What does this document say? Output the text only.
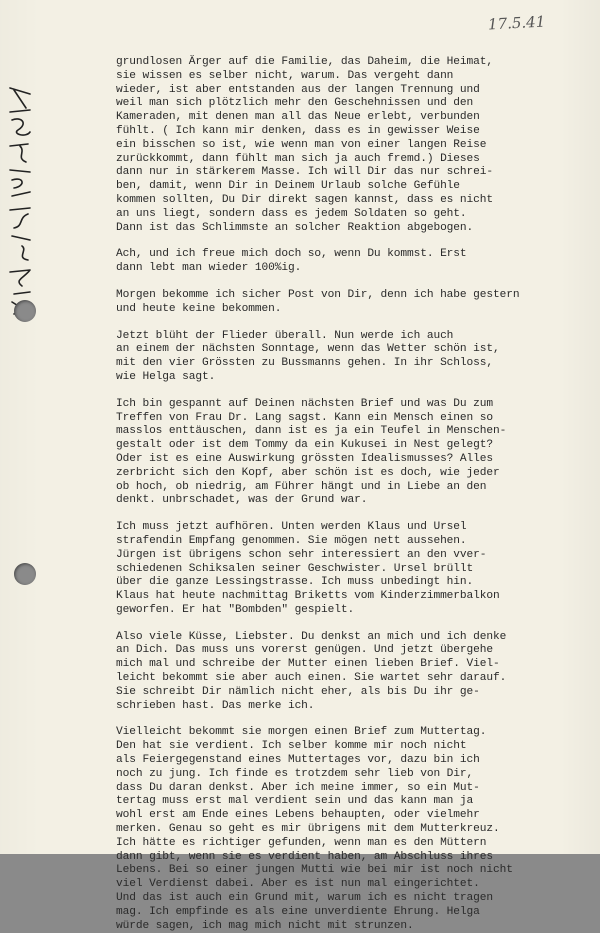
17.5.41
grundlosen Ärger auf die Familie, das Daheim, die Heimat,
sie wissen es selber nicht, warum. Das vergeht dann
wieder, ist aber entstanden aus der langen Trennung und
weil man sich plötzlich mehr den Geschehnissen und den
Kameraden, mit denen man all das Neue erlebt, verbunden
fühlt. ( Ich kann mir denken, dass es in gewisser Weise
ein bisschen so ist, wie wenn man von einer langen Reise
zurückkommt, dann fühlt man sich ja auch fremd.) Dieses
dann nur in stärkerem Masse. Ich will Dir das nur schrei-
ben, damit, wenn Dir in Deinem Urlaub solche Gefühle
kommen sollten, Du Dir direkt sagen kannst, dass es nicht
an uns liegt, sondern dass es jedem Soldaten so geht.
Dann ist das Schlimmste an solcher Reaktion abgebogen.
Ach, und ich freue mich doch so, wenn Du kommst. Erst
dann lebt man wieder 100%ig.
Morgen bekomme ich sicher Post von Dir, denn ich habe gestern
und heute keine bekommen.
Jetzt blüht der Flieder überall. Nun werde ich auch
an einem der nächsten Sonntage, wenn das Wetter schön ist,
mit den vier Grössten zu Bussmanns gehen. In ihr Schloss,
wie Helga sagt.
Ich bin gespannt auf Deinen nächsten Brief und was Du zum
Treffen von Frau Dr. Lang sagst. Kann ein Mensch einen so
masslos enttäuschen, dann ist es ja ein Teufel in Menschen-
gestalt oder ist dem Tommy da ein Kukusei in Nest gelegt?
Oder ist es eine Auswirkung grössten Idealismusses? Alles
zerbricht sich den Kopf, aber schön ist es doch, wie jeder
ob hoch, ob niedrig, am Führer hängt und in Liebe an den
denkt. unbrschadet, was der Grund war.
Ich muss jetzt aufhören. Unten werden Klaus und Ursel
strafendin Empfang genommen. Sie mögen nett aussehen.
Jürgen ist übrigens schon sehr interessiert an den vver-
schiedenen Schiksalen seiner Geschwister. Ursel brüllt
über die ganze Lessingstrasse. Ich muss unbedingt hin.
Klaus hat heute nachmittag Briketts vom Kinderzimmerbalkon
geworfen. Er hat "Bombden" gespielt.
Also viele Küsse, Liebster. Du denkst an mich und ich denke
an Dich. Das muss uns vorerst genügen. Und jetzt übergehe
mich mal und schreibe der Mutter einen lieben Brief. Viel-
leicht bekommt sie aber auch einen. Sie wartet sehr darauf.
Sie schreibt Dir nämlich nicht eher, als bis Du ihr ge-
schrieben hast. Das merke ich.
Vielleicht bekommt sie morgen einen Brief zum Muttertag.
Den hat sie verdient. Ich selber komme mir noch nicht
als Feiergegenstand eines Muttertages vor, dazu bin ich
noch zu jung. Ich finde es trotzdem sehr lieb von Dir,
dass Du daran denkst. Aber ich meine immer, so ein Mut-
tertag muss erst mal verdient sein und das kann man ja
wohl erst am Ende eines Lebens behaupten, oder vielmehr
merken. Genau so geht es mir übrigens mit dem Mutterkreuz.
Ich hätte es richtiger gefunden, wenn man es den Müttern
dann gibt, wenn sie es verdient haben, am Abschluss ihres
Lebens. Bei so einer jungen Mutti wie bei mir ist noch nicht
viel Verdienst dabei. Aber es ist nun mal eingerichtet.
Und das ist auch ein Grund mit, warum ich es nicht tragen
mag. Ich empfinde es als eine unverdiente Ehrung. Helga
würde sagen, ich mag mich nicht mit strunzen.
